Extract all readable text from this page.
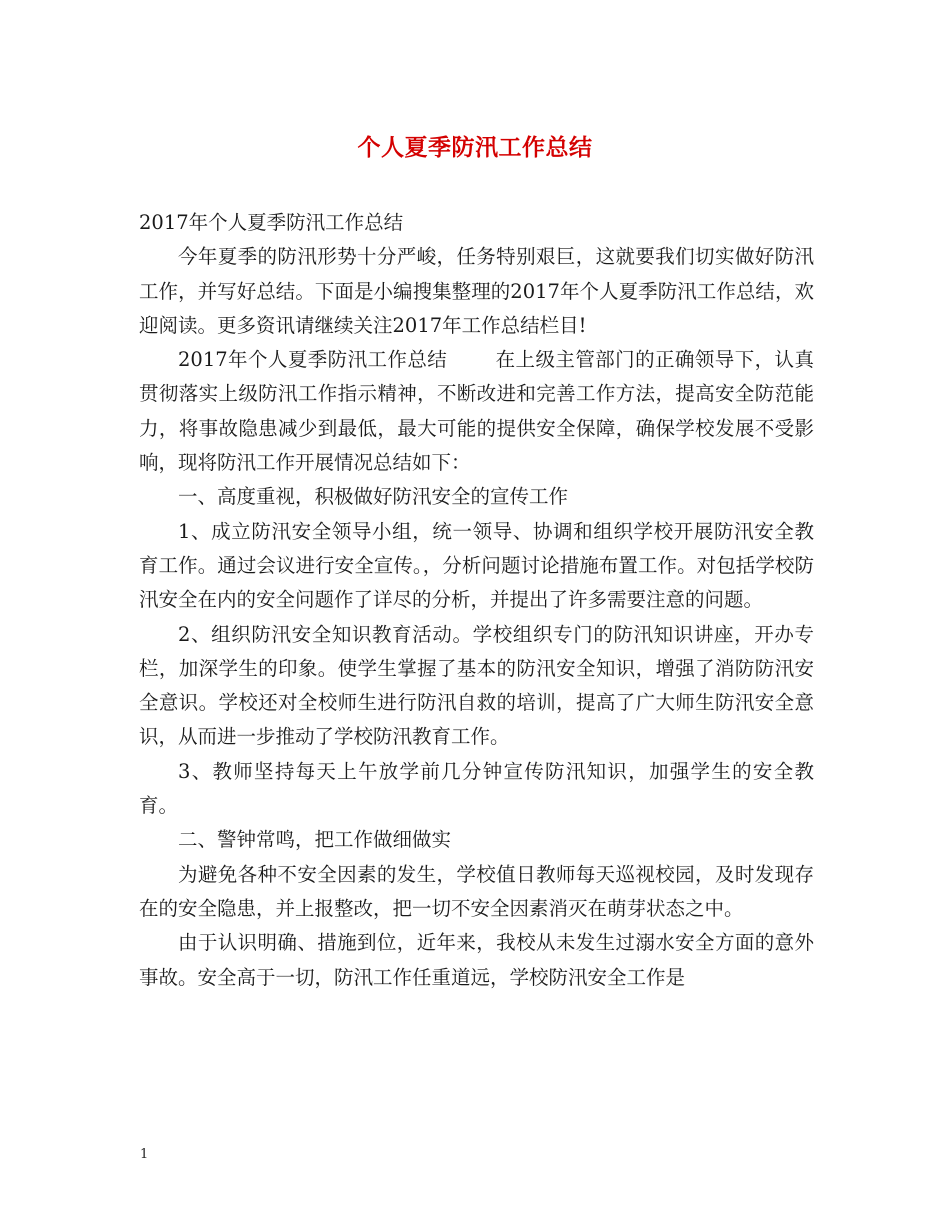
个人夏季防汛工作总结

2017年个人夏季防汛工作总结

今年夏季的防汛形势十分严峻，任务特别艰巨，这就要我们切实做好防汛工作，并写好总结。下面是小编搜集整理的2017年个人夏季防汛工作总结，欢迎阅读。更多资讯请继续关注2017年工作总结栏目!

2017年个人夏季防汛工作总结 在上级主管部门的正确领导下，认真贯彻落实上级防汛工作指示精神，不断改进和完善工作方法，提高安全防范能力，将事故隐患减少到最低，最大可能的提供安全保障，确保学校发展不受影响，现将防汛工作开展情况总结如下：

一、高度重视，积极做好防汛安全的宣传工作

1、成立防汛安全领导小组，统一领导、协调和组织学校开展防汛安全教育工作。通过会议进行安全宣传。，分析问题讨论措施布置工作。对包括学校防汛安全在内的安全问题作了详尽的分析，并提出了许多需要注意的问题。

2、组织防汛安全知识教育活动。学校组织专门的防汛知识讲座，开办专栏，加深学生的印象。使学生掌握了基本的防汛安全知识，增强了消防防汛安全意识。学校还对全校师生进行防汛自救的培训，提高了广大师生防汛安全意识，从而进一步推动了学校防汛教育工作。

3、教师坚持每天上午放学前几分钟宣传防汛知识，加强学生的安全教育。

二、警钟常鸣，把工作做细做实

为避免各种不安全因素的发生，学校值日教师每天巡视校园，及时发现存在的安全隐患，并上报整改，把一切不安全因素消灭在萌芽状态之中。

由于认识明确、措施到位，近年来，我校从未发生过溺水安全方面的意外事故。安全高于一切，防汛工作任重道远，学校防汛安全工作是

1
